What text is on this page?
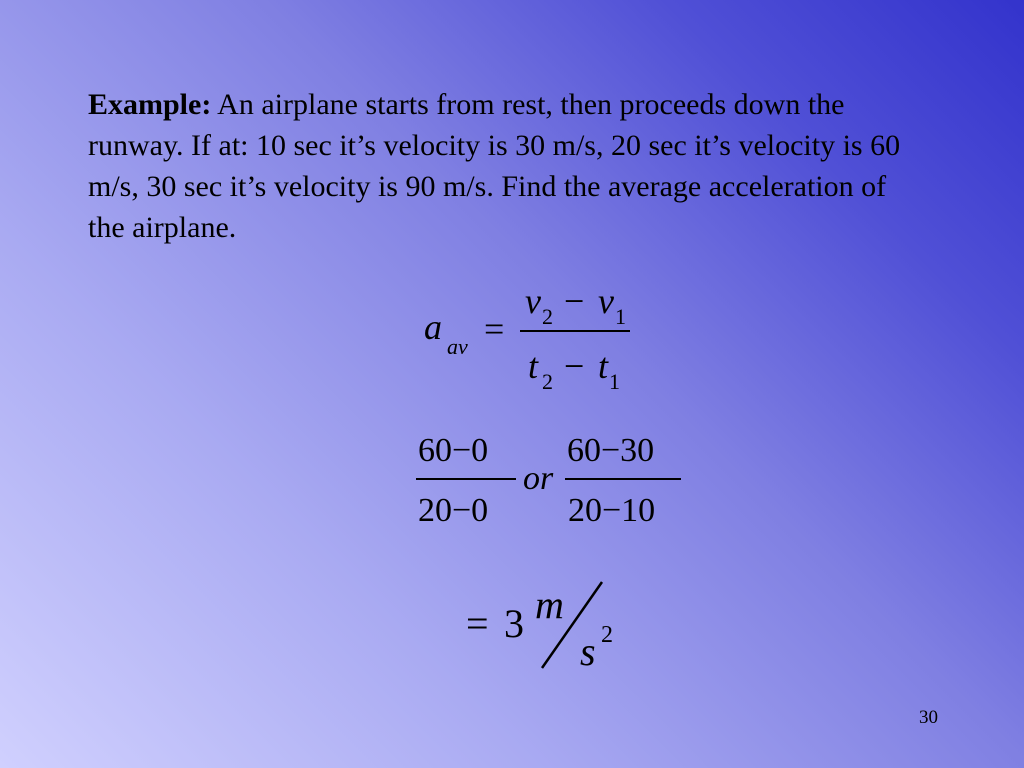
Example: An airplane starts from rest, then proceeds down the runway. If at: 10 sec it’s velocity is 30 m/s, 20 sec it’s velocity is 60 m/s, 30 sec it’s velocity is 90 m/s. Find the average acceleration of the airplane.

a av =
v 2 − v 1
t 2 − t 1
60−0
20−0
or
60−30
20−10
= 3 m
s 2
30
